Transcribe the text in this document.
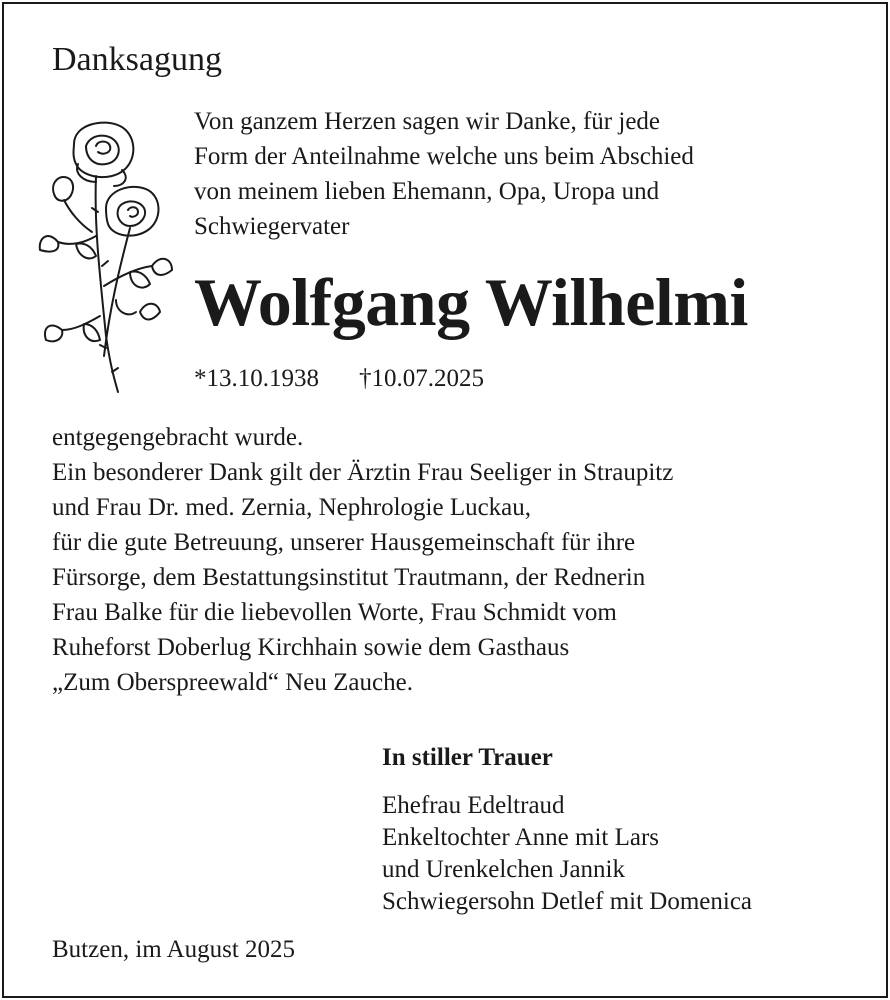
Danksagung
Von ganzem Herzen sagen wir Danke, für jede
Form der Anteilnahme welche uns beim Abschied
von meinem lieben Ehemann, Opa, Uropa und
Schwiegervater
Wolfgang Wilhelmi
*13.10.1938 †10.07.2025
entgegengebracht wurde.
Ein besonderer Dank gilt der Ärztin Frau Seeliger in Straupitz
und Frau Dr. med. Zernia, Nephrologie Luckau,
für die gute Betreuung, unserer Hausgemeinschaft für ihre
Fürsorge, dem Bestattungsinstitut Trautmann, der Rednerin
Frau Balke für die liebevollen Worte, Frau Schmidt vom
Ruheforst Doberlug Kirchhain sowie dem Gasthaus
„Zum Oberspreewald“ Neu Zauche.
In stiller Trauer
Ehefrau Edeltraud
Enkeltochter Anne mit Lars
und Urenkelchen Jannik
Schwiegersohn Detlef mit Domenica
Butzen, im August 2025
